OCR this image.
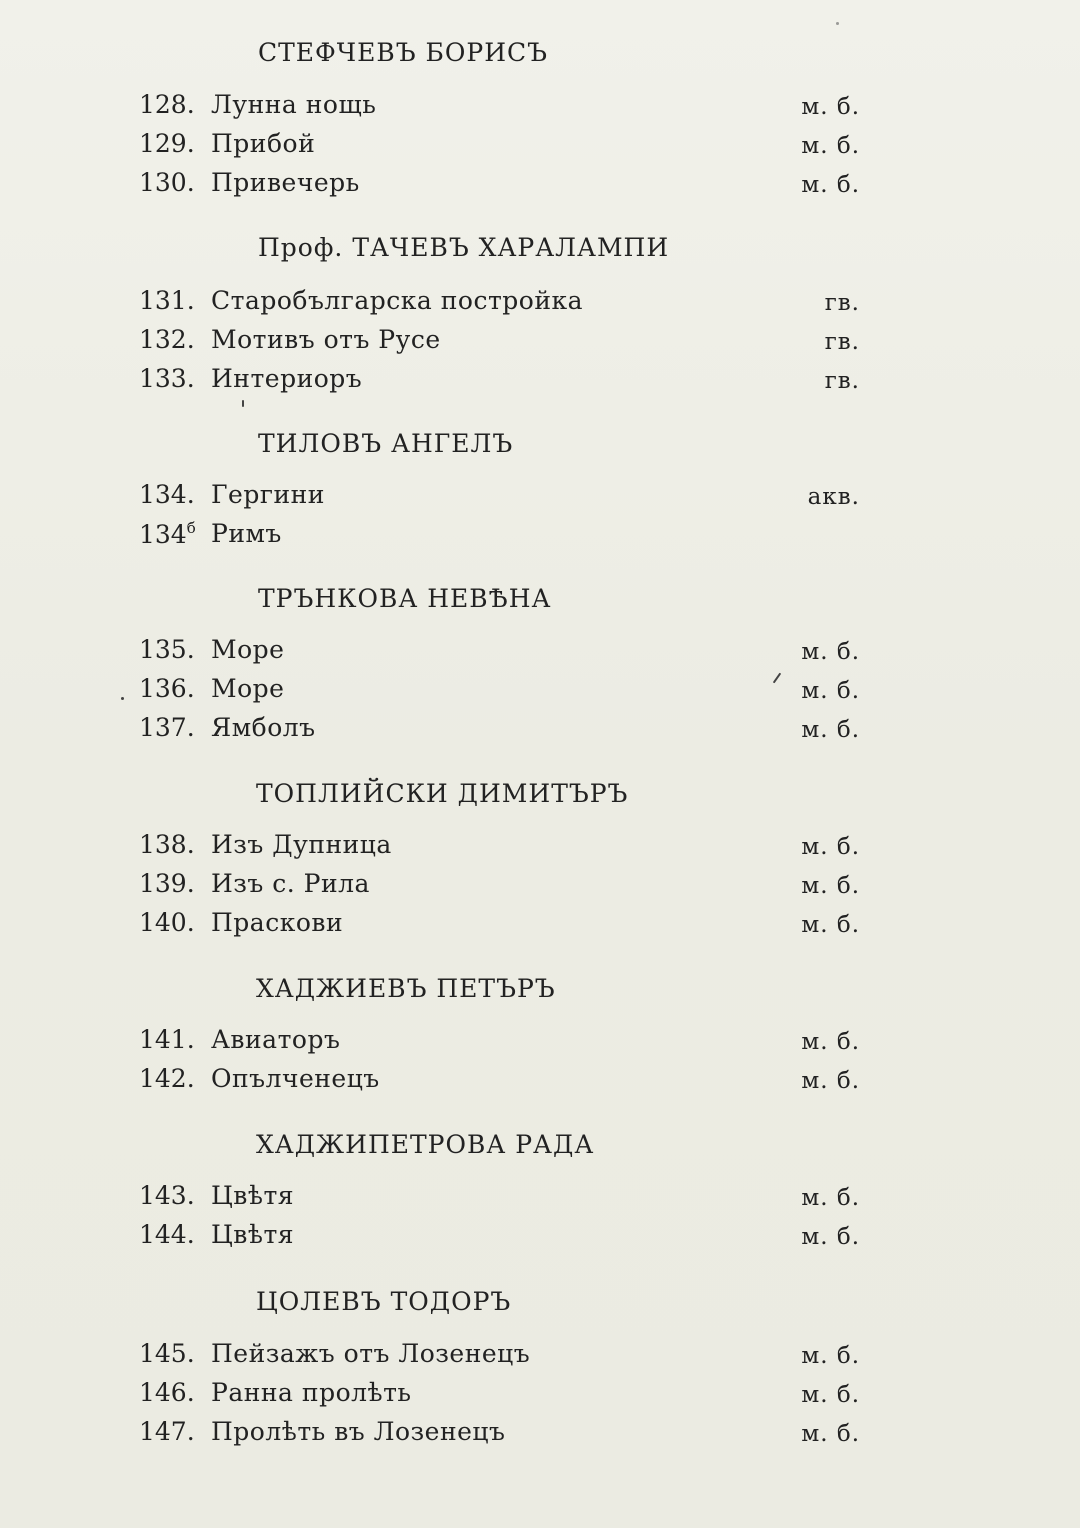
СТЕФЧЕВЪ БОРИСЪ
128. Лунна нощь	м. б.
129. Прибой	м. б.
130. Привечерь	м. б.
Проф. ТАЧЕВЪ ХАРАЛАМПИ
131. Старобългарска постройка	гв.
132. Мотивъ отъ Русе	гв.
133. Интериоръ	гв.
ТИЛОВЪ АНГЕЛЪ
134. Гергини	акв.
$134^б$ Римъ
ТРЪНКОВА НЕВѢНА
135. Море	м. б.
136. Море	м. б.
137. Ямболъ	м. б.
ТОПЛИЙСКИ ДИМИТЪРЪ
138. Изъ Дупница	м. б.
139. Изъ с. Рила	м. б.
140. Праскови	м. б.
ХАДЖИЕВЪ ПЕТЪРЪ
141. Авиаторъ	м. б.
142. Опълченецъ	м. б.
ХАДЖИПЕТРОВА РАДА
143. Цвѣтя	м. б.
144. Цвѣтя	м. б.
ЦОЛЕВЪ ТОДОРЪ
145. Пейзажъ отъ Лозенецъ	м. б.
146. Ранна пролѣть	м. б.
147. Пролѣть въ Лозенецъ	м. б.
